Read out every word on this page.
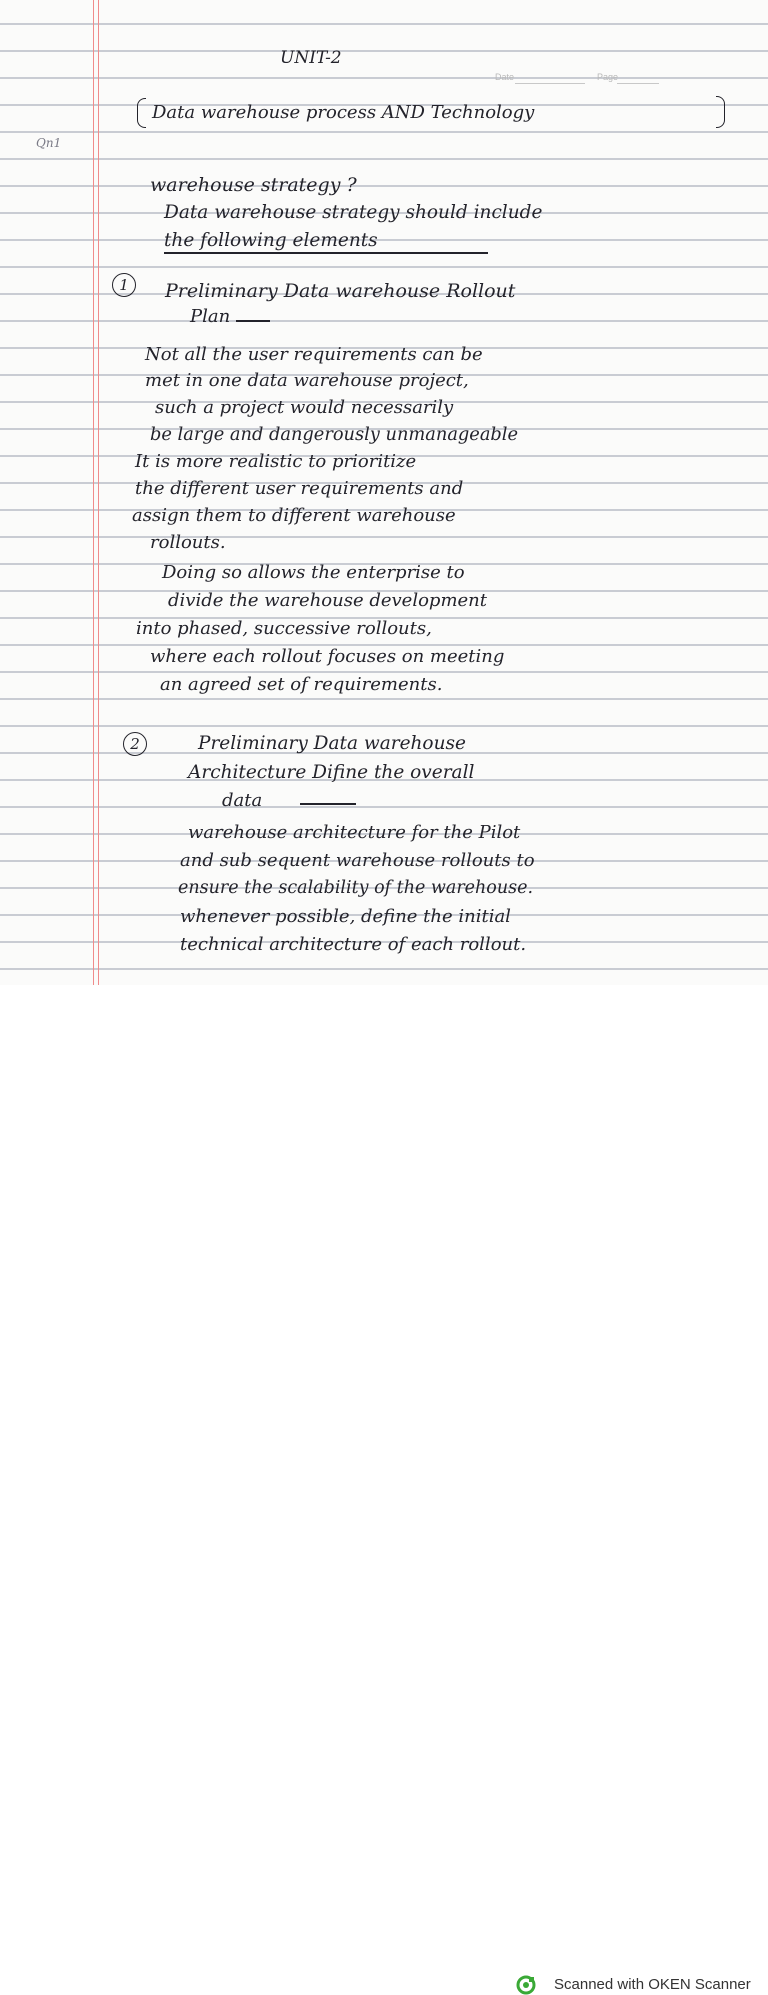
UNIT-2
Date	Page
Data warehouse process AND Technology
Qn1
warehouse strategy ?
Data warehouse strategy should include
the following elements
1	Preliminary Data warehouse Rollout
Plan
Not all the user requirements can be
met in one data warehouse project,
such a project would necessarily
be large and dangerously unmanageable
It is more realistic to prioritize
the different user requirements and
assign them to different warehouse
rollouts.
Doing so allows the enterprise to
divide the warehouse development
into phased, successive rollouts,
where each rollout focuses on meeting
an agreed set of requirements.
2	Preliminary Data warehouse
Architecture Difine the overall
data
warehouse architecture for the Pilot
and sub sequent warehouse rollouts to
ensure the scalability of the warehouse.
whenever possible, define the initial
technical architecture of each rollout.
Scanned with OKEN Scanner
